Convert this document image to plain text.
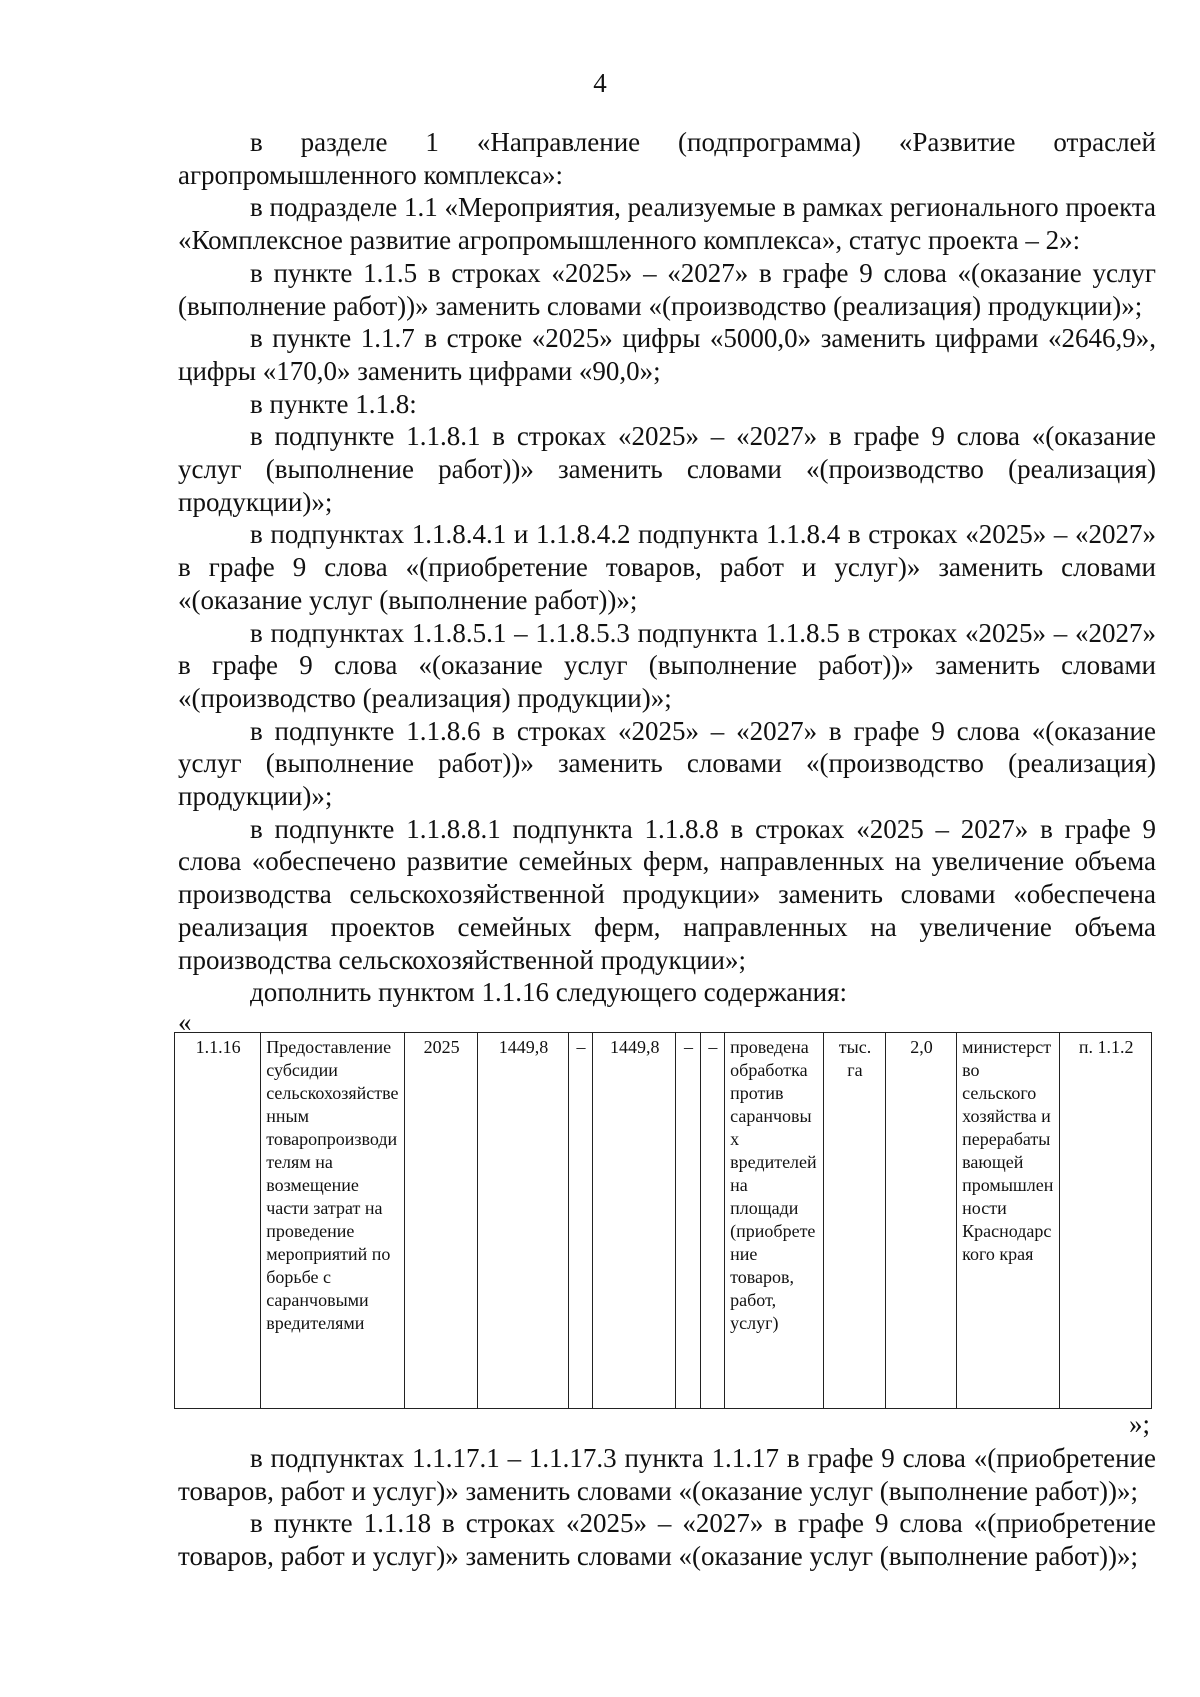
4

в разделе 1 «Направление (подпрограмма) «Развитие отраслей агропромышленного комплекса»:

в подразделе 1.1 «Мероприятия, реализуемые в рамках регионального проекта «Комплексное развитие агропромышленного комплекса», статус проекта – 2»:

в пункте 1.1.5 в строках «2025» – «2027» в графе 9 слова «(оказание услуг (выполнение работ))» заменить словами «(производство (реализация) продукции)»;

в пункте 1.1.7 в строке «2025» цифры «5000,0» заменить цифрами «2646,9», цифры «170,0» заменить цифрами «90,0»;

в пункте 1.1.8:

в подпункте 1.1.8.1 в строках «2025» – «2027» в графе 9 слова «(оказание услуг (выполнение работ))» заменить словами «(производство (реализация) продукции)»;

в подпунктах 1.1.8.4.1 и 1.1.8.4.2 подпункта 1.1.8.4 в строках «2025» – «2027» в графе 9 слова «(приобретение товаров, работ и услуг)» заменить словами «(оказание услуг (выполнение работ))»;

в подпунктах 1.1.8.5.1 – 1.1.8.5.3 подпункта 1.1.8.5 в строках «2025» – «2027» в графе 9 слова «(оказание услуг (выполнение работ))» заменить словами «(производство (реализация) продукции)»;

в подпункте 1.1.8.6 в строках «2025» – «2027» в графе 9 слова «(оказание услуг (выполнение работ))» заменить словами «(производство (реализация) продукции)»;

в подпункте 1.1.8.8.1 подпункта 1.1.8.8 в строках «2025 – 2027» в графе 9 слова «обеспечено развитие семейных ферм, направленных на увеличение объема производства сельскохозяйственной продукции» заменить словами «обеспечена реализация проектов семейных ферм, направленных на увеличение объема производства сельскохозяйственной продукции»;

дополнить пунктом 1.1.16 следующего содержания:

«
1.1.16	Предоставление субсидии сельскохозяйственным товаропроизводителям на возмещение части затрат на проведение мероприятий по борьбе с саранчовыми вредителями	2025	1449,8	–	1449,8	–	–	проведена обработка против саранчовых вредителей на площади (приобретение товаров, работ, услуг)	тыс. га	2,0	министерство сельского хозяйства и перерабатывающей промышленности Краснодарского края	п. 1.1.2
»;

в подпунктах 1.1.17.1 – 1.1.17.3 пункта 1.1.17 в графе 9 слова «(приобретение товаров, работ и услуг)» заменить словами «(оказание услуг (выполнение работ))»;

в пункте 1.1.18 в строках «2025» – «2027» в графе 9 слова «(приобретение товаров, работ и услуг)» заменить словами «(оказание услуг (выполнение работ))»;
